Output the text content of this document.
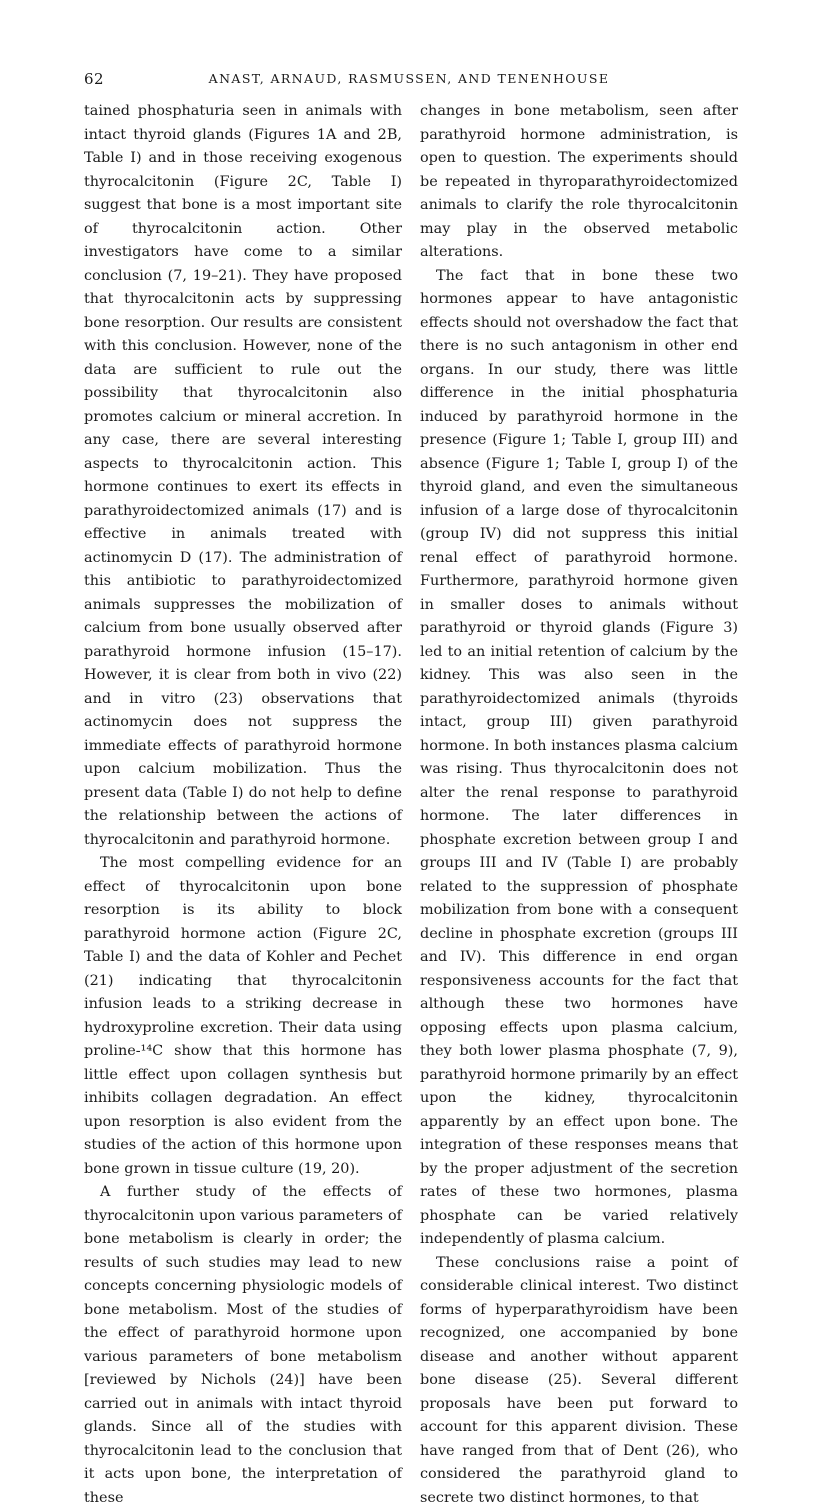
62	ANAST, ARNAUD, RASMUSSEN, AND TENENHOUSE

tained phosphaturia seen in animals with intact thyroid glands (Figures 1A and 2B, Table I) and in those receiving exogenous thyrocalcitonin (Figure 2C, Table I) suggest that bone is a most important site of thyrocalcitonin action. Other investigators have come to a similar conclusion (7, 19–21). They have proposed that thyrocalcitonin acts by suppressing bone resorption. Our results are consistent with this conclusion. However, none of the data are sufficient to rule out the possibility that thyrocalcitonin also promotes calcium or mineral accretion. In any case, there are several interesting aspects to thyrocalcitonin action. This hormone continues to exert its effects in parathyroidectomized animals (17) and is effective in animals treated with actinomycin D (17). The administration of this antibiotic to parathyroidectomized animals suppresses the mobilization of calcium from bone usually observed after parathyroid hormone infusion (15–17). However, it is clear from both in vivo (22) and in vitro (23) observations that actinomycin does not suppress the immediate effects of parathyroid hormone upon calcium mobilization. Thus the present data (Table I) do not help to define the relationship between the actions of thyrocalcitonin and parathyroid hormone.

The most compelling evidence for an effect of thyrocalcitonin upon bone resorption is its ability to block parathyroid hormone action (Figure 2C, Table I) and the data of Kohler and Pechet (21) indicating that thyrocalcitonin infusion leads to a striking decrease in hydroxyproline excretion. Their data using proline-¹⁴C show that this hormone has little effect upon collagen synthesis but inhibits collagen degradation. An effect upon resorption is also evident from the studies of the action of this hormone upon bone grown in tissue culture (19, 20).

A further study of the effects of thyrocalcitonin upon various parameters of bone metabolism is clearly in order; the results of such studies may lead to new concepts concerning physiologic models of bone metabolism. Most of the studies of the effect of parathyroid hormone upon various parameters of bone metabolism [reviewed by Nichols (24)] have been carried out in animals with intact thyroid glands. Since all of the studies with thyrocalcitonin lead to the conclusion that it acts upon bone, the interpretation of these

changes in bone metabolism, seen after parathyroid hormone administration, is open to question. The experiments should be repeated in thyroparathyroidectomized animals to clarify the role thyrocalcitonin may play in the observed metabolic alterations.

The fact that in bone these two hormones appear to have antagonistic effects should not overshadow the fact that there is no such antagonism in other end organs. In our study, there was little difference in the initial phosphaturia induced by parathyroid hormone in the presence (Figure 1; Table I, group III) and absence (Figure 1; Table I, group I) of the thyroid gland, and even the simultaneous infusion of a large dose of thyrocalcitonin (group IV) did not suppress this initial renal effect of parathyroid hormone. Furthermore, parathyroid hormone given in smaller doses to animals without parathyroid or thyroid glands (Figure 3) led to an initial retention of calcium by the kidney. This was also seen in the parathyroidectomized animals (thyroids intact, group III) given parathyroid hormone. In both instances plasma calcium was rising. Thus thyrocalcitonin does not alter the renal response to parathyroid hormone. The later differences in phosphate excretion between group I and groups III and IV (Table I) are probably related to the suppression of phosphate mobilization from bone with a consequent decline in phosphate excretion (groups III and IV). This difference in end organ responsiveness accounts for the fact that although these two hormones have opposing effects upon plasma calcium, they both lower plasma phosphate (7, 9), parathyroid hormone primarily by an effect upon the kidney, thyrocalcitonin apparently by an effect upon bone. The integration of these responses means that by the proper adjustment of the secretion rates of these two hormones, plasma phosphate can be varied relatively independently of plasma calcium.

These conclusions raise a point of considerable clinical interest. Two distinct forms of hyperparathyroidism have been recognized, one accompanied by bone disease and another without apparent bone disease (25). Several different proposals have been put forward to account for this apparent division. These have ranged from that of Dent (26), who considered the parathyroid gland to secrete two distinct hormones, to that
